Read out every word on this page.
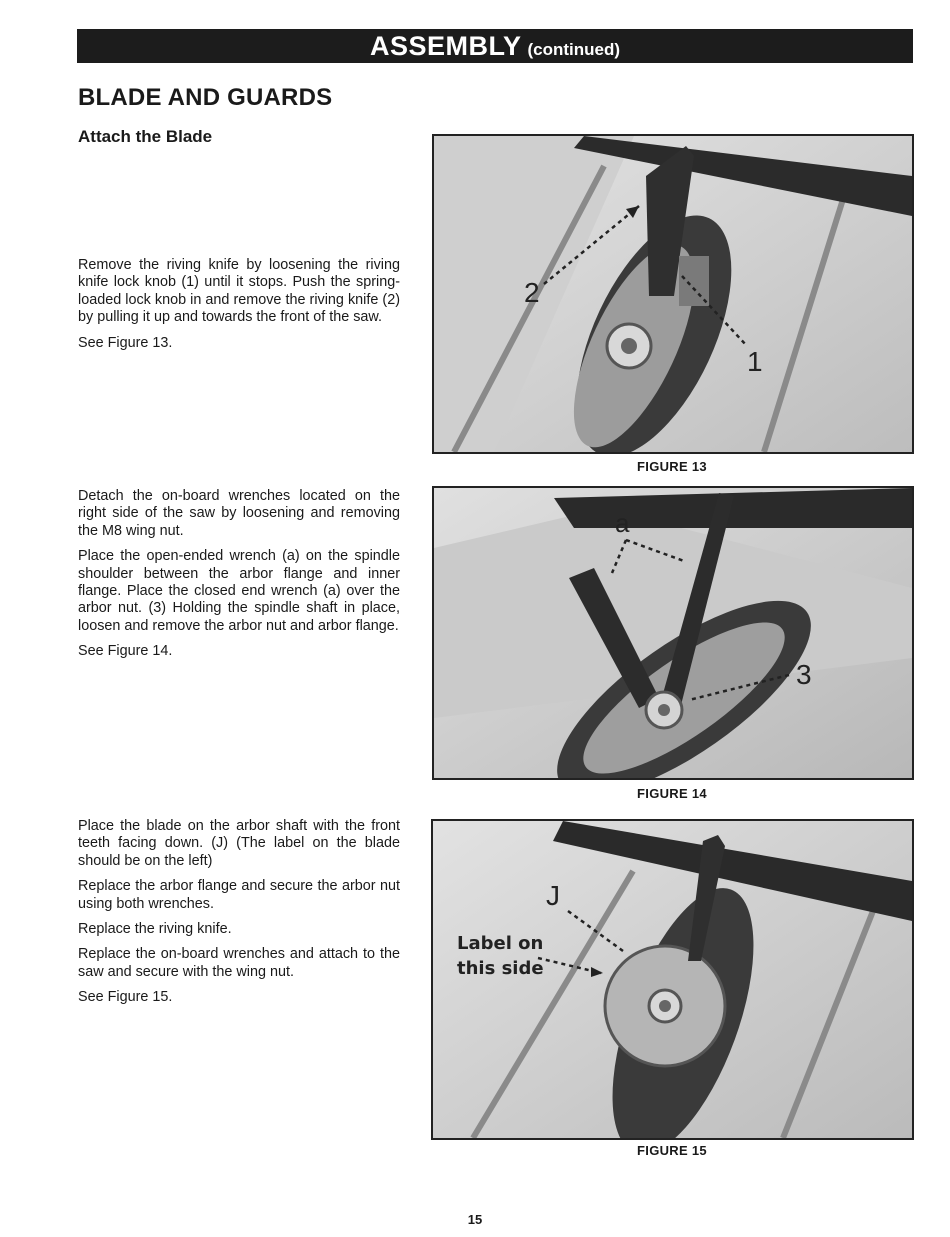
ASSEMBLY (continued)
BLADE AND GUARDS
Attach the Blade

Remove the riving knife by loosening the riving knife lock knob (1) until it stops. Push the spring-loaded lock knob in and remove the riving knife (2) by pulling it up and towards the front of the saw.

See Figure 13.

Detach the on-board wrenches located on the right side of the saw by loosening and removing the M8 wing nut.

Place the open-ended wrench (a) on the spindle shoulder between the arbor flange and inner flange. Place the closed end wrench (a) over the arbor nut. (3) Holding the spindle shaft in place, loosen and remove the arbor nut and arbor flange.

See Figure 14.

Place the blade on the arbor shaft with the front teeth facing down. (J) (The label on the blade should be on the left)

Replace the arbor flange and secure the arbor nut using both wrenches.

Replace the riving knife.

Replace the on-board wrenches and attach to the saw and secure with the wing nut.

See Figure 15.

2
1
FIGURE 13
a
3
FIGURE 14
J
Label on
this side
FIGURE 15
15
